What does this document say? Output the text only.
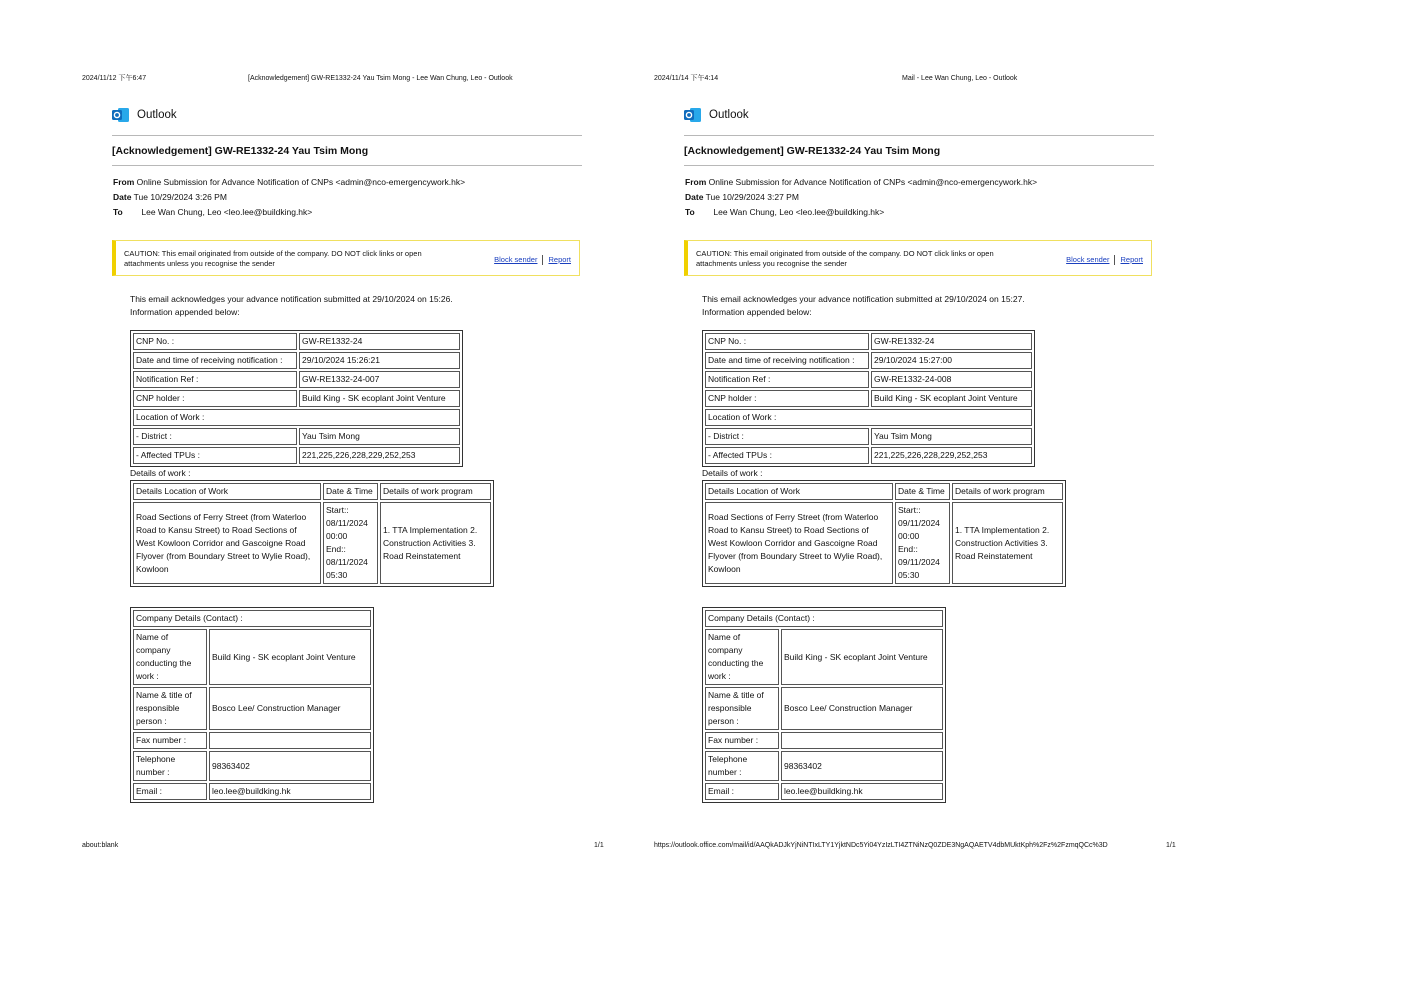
2024/11/12 下午6:47	[Acknowledgement] GW-RE1332-24 Yau Tsim Mong - Lee Wan Chung, Leo - Outlook
Outlook
[Acknowledgement] GW-RE1332-24 Yau Tsim Mong
From Online Submission for Advance Notification of CNPs <admin@nco-emergencywork.hk>
Date Tue 10/29/2024 3:26 PM
To Lee Wan Chung, Leo <leo.lee@buildking.hk>
CAUTION: This email originated from outside of the company. DO NOT click links or open attachments unless you recognise the sender	Block sender Report
This email acknowledges your advance notification submitted at 29/10/2024 on 15:26.
Information appended below:
CNP No. :	GW-RE1332-24
Date and time of receiving notification :	29/10/2024 15:26:21
Notification Ref :	GW-RE1332-24-007
CNP holder :	Build King - SK ecoplant Joint Venture
Location of Work :	
- District :	Yau Tsim Mong
- Affected TPUs :	221,225,226,228,229,252,253
Details of work :
Details Location of Work	Date & Time	Details of work program
Road Sections of Ferry Street (from Waterloo Road to Kansu Street) to Road Sections of West Kowloon Corridor and Gascoigne Road Flyover (from Boundary Street to Wylie Road), Kowloon	Start::
08/11/2024 00:00
End::
08/11/2024 05:30	1. TTA Implementation 2. Construction Activities 3. Road Reinstatement
Company Details (Contact) :	
Name of company conducting the work :	Build King - SK ecoplant Joint Venture
Name & title of responsible person :	Bosco Lee/ Construction Manager
Fax number :	
Telephone number :	98363402
Email :	leo.lee@buildking.hk
about:blank	1/1
2024/11/14 下午4:14	Mail - Lee Wan Chung, Leo - Outlook
Outlook
[Acknowledgement] GW-RE1332-24 Yau Tsim Mong
From Online Submission for Advance Notification of CNPs <admin@nco-emergencywork.hk>
Date Tue 10/29/2024 3:27 PM
To Lee Wan Chung, Leo <leo.lee@buildking.hk>
CAUTION: This email originated from outside of the company. DO NOT click links or open attachments unless you recognise the sender	Block sender Report
This email acknowledges your advance notification submitted at 29/10/2024 on 15:27.
Information appended below:
CNP No. :	GW-RE1332-24
Date and time of receiving notification :	29/10/2024 15:27:00
Notification Ref :	GW-RE1332-24-008
CNP holder :	Build King - SK ecoplant Joint Venture
Location of Work :	
- District :	Yau Tsim Mong
- Affected TPUs :	221,225,226,228,229,252,253
Details of work :
Details Location of Work	Date & Time	Details of work program
Road Sections of Ferry Street (from Waterloo Road to Kansu Street) to Road Sections of West Kowloon Corridor and Gascoigne Road Flyover (from Boundary Street to Wylie Road), Kowloon	Start::
09/11/2024 00:00
End::
09/11/2024 05:30	1. TTA Implementation 2. Construction Activities 3. Road Reinstatement
Company Details (Contact) :	
Name of company conducting the work :	Build King - SK ecoplant Joint Venture
Name & title of responsible person :	Bosco Lee/ Construction Manager
Fax number :	
Telephone number :	98363402
Email :	leo.lee@buildking.hk
https://outlook.office.com/mail/id/AAQkADJkYjNiNTIxLTY1YjktNDc5Yi04YzIzLTI4ZTNiNzQ0ZDE3NgAQAETV4dbMUktKph%2Fz%2FzmqQCc%3D	1/1
